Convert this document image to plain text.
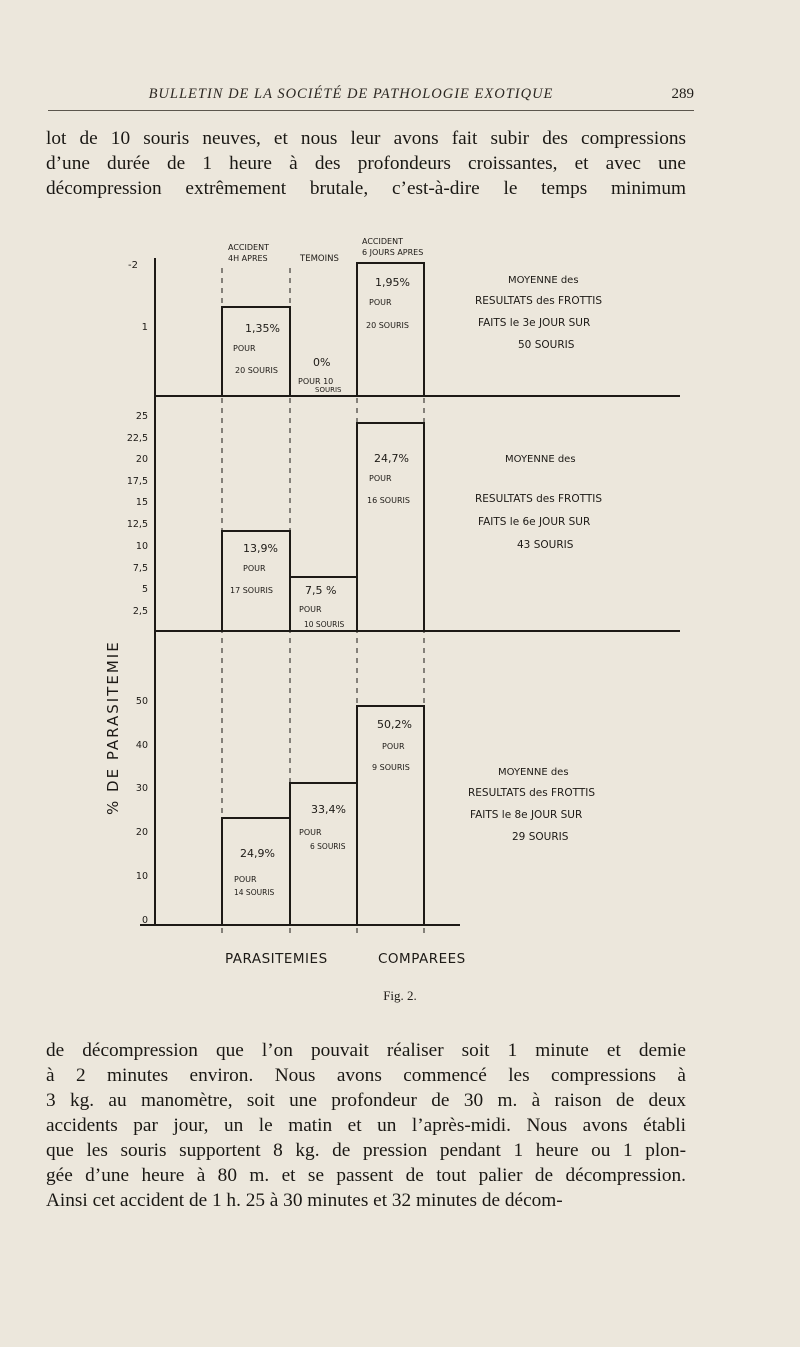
BULLETIN DE LA SOCIÉTÉ DE PATHOLOGIE EXOTIQUE	289
lot de 10 souris neuves, et nous leur avons fait subir des compressions
d’une durée de 1 heure à des profondeurs croissantes, et avec une
décompression extrêmement brutale, c’est-à-dire le temps minimum
ACCIDENT
4H APRES	TEMOINS
ACCIDENT
6 JOURS APRES
% DE PARASITEMIE
-2
1
25
22,5
20
17,5
15
12,5
10
7,5
5
2,5
50
40
30
20
10
0
1,35%
POUR
20 SOURIS
0%
POUR 10
SOURIS
1,95%
POUR
20 SOURIS
MOYENNE des
RESULTATS des FROTTIS
FAITS le 3e JOUR SUR
50 SOURIS
13,9%
POUR
17 SOURIS	7,5 %
POUR
10 SOURIS
24,7%
POUR
16 SOURIS
MOYENNE des
RESULTATS des FROTTIS
FAITS le 6e JOUR SUR
43 SOURIS
24,9%
POUR
14 SOURIS
33,4%
POUR
6 SOURIS
50,2%
POUR
9 SOURIS	MOYENNE des
RESULTATS des FROTTIS
FAITS le 8e JOUR SUR
29 SOURIS
PARASITEMIES	COMPAREES
Fig. 2.
de décompression que l’on pouvait réaliser soit 1 minute et demie
à 2 minutes environ. Nous avons commencé les compressions à
3 kg. au manomètre, soit une profondeur de 30 m. à raison de deux
accidents par jour, un le matin et un l’après-midi. Nous avons établi
que les souris supportent 8 kg. de pression pendant 1 heure ou 1 plon-
gée d’une heure à 80 m. et se passent de tout palier de décompression.
Ainsi cet accident de 1 h. 25 à 30 minutes et 32 minutes de décom-
